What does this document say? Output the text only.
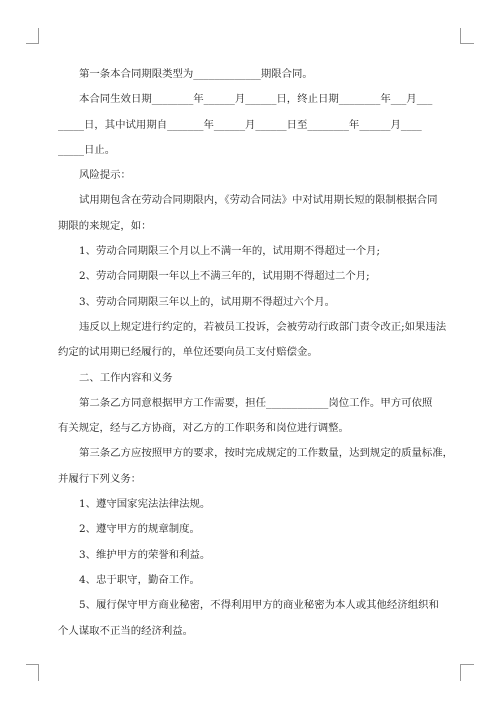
第一条本合同期限类型为_____________期限合同。
本合同生效日期________年______月______日，终止日期________年___月___
_____日，其中试用期自_______年______月______日至________年______月____
_____日止。
风险提示：
试用期包含在劳动合同期限内，《劳动合同法》中对试用期长短的限制根据合同
期限的来规定，如：
1、劳动合同期限三个月以上不满一年的，试用期不得超过一个月;
2、劳动合同期限一年以上不满三年的，试用期不得超过二个月;
3、劳动合同期限三年以上的，试用期不得超过六个月。
违反以上规定进行约定的，若被员工投诉，会被劳动行政部门责令改正;如果违法
约定的试用期已经履行的，单位还要向员工支付赔偿金。
二、工作内容和义务
第二条乙方同意根据甲方工作需要，担任____________岗位工作。甲方可依照
有关规定，经与乙方协商，对乙方的工作职务和岗位进行调整。
第三条乙方应按照甲方的要求，按时完成规定的工作数量，达到规定的质量标准，
并履行下列义务：
1、遵守国家宪法法律法规。
2、遵守甲方的规章制度。
3、维护甲方的荣誉和利益。
4、忠于职守，勤奋工作。
5、履行保守甲方商业秘密，不得利用甲方的商业秘密为本人或其他经济组织和
个人谋取不正当的经济利益。
